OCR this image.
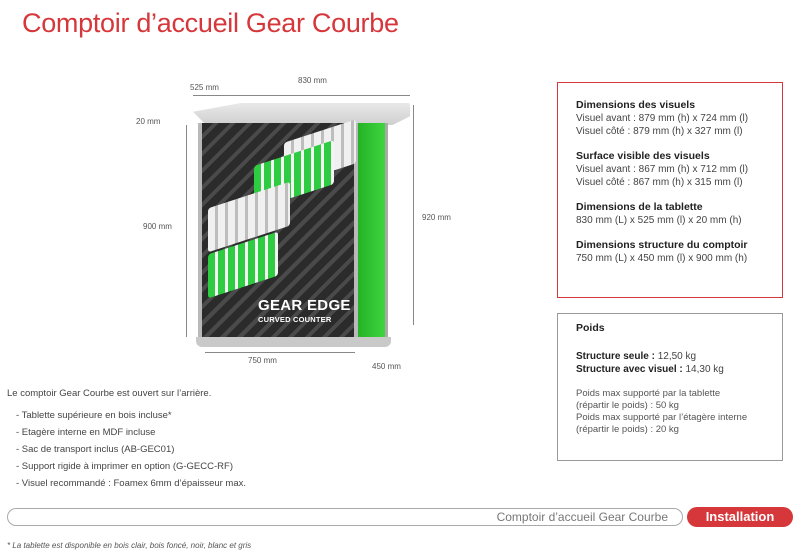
Comptoir d’accueil Gear Courbe
525 mm
830 mm
20 mm
900 mm
920 mm
750 mm
450 mm
GEAR EDGE
CURVED COUNTER
Dimensions des visuels
Visuel avant : 879 mm (h) x 724 mm (l)
Visuel côté : 879 mm (h) x 327 mm (l)
Surface visible des visuels
Visuel avant : 867 mm (h) x 712 mm (l)
Visuel côté : 867 mm (h) x 315 mm (l)
Dimensions de la tablette
830 mm (L) x 525 mm (l) x 20 mm (h)
Dimensions structure du comptoir
750 mm (L) x 450 mm (l) x 900 mm (h)
Poids
Structure seule : 12,50 kg
Structure avec visuel : 14,30 kg
Poids max supporté par la tablette
(répartir le poids) : 50 kg
Poids max supporté par l’étagère interne
(répartir le poids) : 20 kg
Le comptoir Gear Courbe est ouvert sur l’arrière.
- Tablette supérieure en bois incluse*
- Etagère interne en MDF incluse
- Sac de transport inclus (AB-GEC01)
- Support rigide à imprimer en option (G-GECC-RF)
- Visuel recommandé : Foamex 6mm d’épaisseur max.
Comptoir d’accueil Gear Courbe	Installation
* La tablette est disponible en bois clair, bois foncé, noir, blanc et gris
